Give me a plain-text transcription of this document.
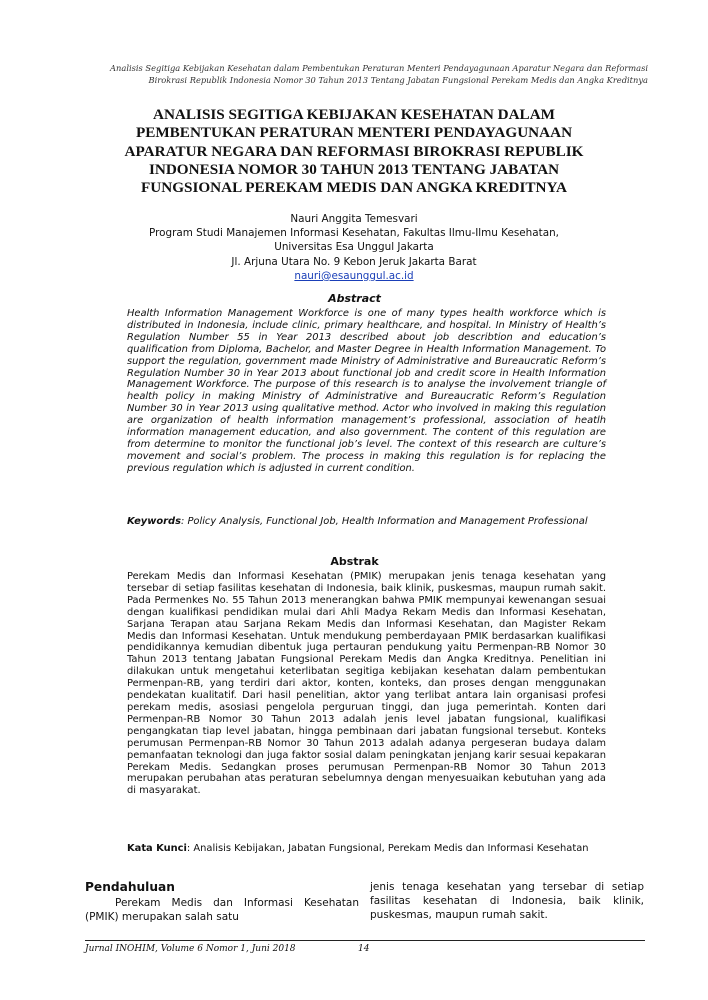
Analisis Segitiga Kebijakan Kesehatan dalam Pembentukan Peraturan Menteri Pendayagunaan Aparatur Negara dan Reformasi
Birokrasi Republik Indonesia Nomor 30 Tahun 2013 Tentang Jabatan Fungsional Perekam Medis dan Angka Kreditnya
ANALISIS SEGITIGA KEBIJAKAN KESEHATAN DALAM
PEMBENTUKAN PERATURAN MENTERI PENDAYAGUNAAN
APARATUR NEGARA DAN REFORMASI BIROKRASI REPUBLIK
INDONESIA NOMOR 30 TAHUN 2013 TENTANG JABATAN
FUNGSIONAL PEREKAM MEDIS DAN ANGKA KREDITNYA
Nauri Anggita Temesvari
Program Studi Manajemen Informasi Kesehatan, Fakultas Ilmu-Ilmu Kesehatan,
Universitas Esa Unggul Jakarta
Jl. Arjuna Utara No. 9 Kebon Jeruk Jakarta Barat
nauri@esaunggul.ac.id
Abstract
Health Information Management Workforce is one of many types health workforce which is distributed in Indonesia, include clinic, primary healthcare, and hospital. In Ministry of Health’s Regulation Number 55 in Year 2013 described about job describtion and education’s qualification from Diploma, Bachelor, and Master Degree in Health Information Management. To support the regulation, government made Ministry of Administrative and Bureaucratic Reform’s Regulation Number 30 in Year 2013 about functional job and credit score in Health Information Management Workforce. The purpose of this research is to analyse the involvement triangle of health policy in making Ministry of Administrative and Bureaucratic Reform’s Regulation Number 30 in Year 2013 using qualitative method. Actor who involved in making this regulation are organization of health information management’s professional, association of heatlh information management education, and also government. The content of this regulation are from determine to monitor the functional job’s level. The context of this research are culture’s movement and social’s problem. The process in making this regulation is for replacing the previous regulation which is adjusted in current condition.
Keywords: Policy Analysis, Functional Job, Health Information and Management Professional
Abstrak
Perekam Medis dan Informasi Kesehatan (PMIK) merupakan jenis tenaga kesehatan yang tersebar di setiap fasilitas kesehatan di Indonesia, baik klinik, puskesmas, maupun rumah sakit. Pada Permenkes No. 55 Tahun 2013 menerangkan bahwa PMIK mempunyai kewenangan sesuai dengan kualifikasi pendidikan mulai dari Ahli Madya Rekam Medis dan Informasi Kesehatan, Sarjana Terapan atau Sarjana Rekam Medis dan Informasi Kesehatan, dan Magister Rekam Medis dan Informasi Kesehatan. Untuk mendukung pemberdayaan PMIK berdasarkan kualifikasi pendidikannya kemudian dibentuk juga pertauran pendukung yaitu Permenpan-RB Nomor 30 Tahun 2013 tentang Jabatan Fungsional Perekam Medis dan Angka Kreditnya. Penelitian ini dilakukan untuk mengetahui keterlibatan segitiga kebijakan kesehatan dalam pembentukan Permenpan-RB, yang terdiri dari aktor, konten, konteks, dan proses dengan menggunakan pendekatan kualitatif. Dari hasil penelitian, aktor yang terlibat antara lain organisasi profesi perekam medis, asosiasi pengelola perguruan tinggi, dan juga pemerintah. Konten dari Permenpan-RB Nomor 30 Tahun 2013 adalah jenis level jabatan fungsional, kualifikasi pengangkatan tiap level jabatan, hingga pembinaan dari jabatan fungsional tersebut. Konteks perumusan Permenpan-RB Nomor 30 Tahun 2013 adalah adanya pergeseran budaya dalam pemanfaatan teknologi dan juga faktor sosial dalam peningkatan jenjang karir sesuai kepakaran Perekam Medis. Sedangkan proses perumusan Permenpan-RB Nomor 30 Tahun 2013 merupakan perubahan atas peraturan sebelumnya dengan menyesuaikan kebutuhan yang ada di masyarakat.
Kata Kunci: Analisis Kebijakan, Jabatan Fungsional, Perekam Medis dan Informasi Kesehatan
Pendahuluan
Perekam Medis dan Informasi Kesehatan (PMIK) merupakan salah satu
jenis tenaga kesehatan yang tersebar di setiap fasilitas kesehatan di Indonesia, baik klinik, puskesmas, maupun rumah sakit.
Jurnal INOHIM, Volume 6 Nomor 1, Juni 2018	14
